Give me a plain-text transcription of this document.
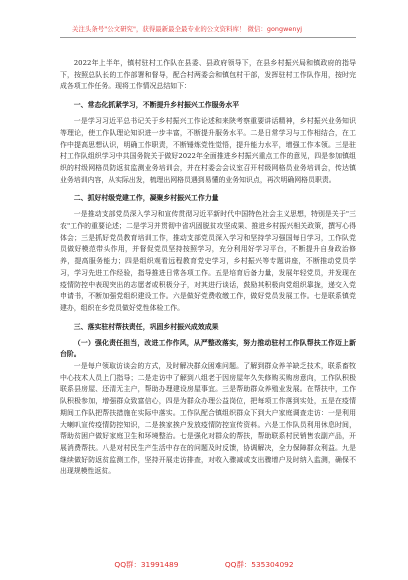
关注头条号"公文研究"，获得最新最全最专业的公文资料库！ 微信：gongwenyj

2022年上半年，镇村驻村工作队在县委、县政府领导下，在县乡村振兴局和镇政府的指导下，按照总队长的工作部署和督导，配合村两委会和镇包村干部，发挥驻村工作队作用，按时完成各项工作任务。现将工作情况总结如下：

一、常态化抓紧学习，不断提升乡村振兴工作服务水平

一是学习习近平总书记关于乡村振兴工作论述和来陕考察重要讲话精神，乡村振兴业务知识等理论，使工作队理论知识进一步丰富，不断提升服务水平。二是日常学习与工作相结合，在工作中提高思想认识，明确工作职责，不断锤炼党性觉悟，提升能力水平，增强工作本领。三是驻村工作队组织学习中共国务院关于做好2022年全面推进乡村振兴重点工作的意见，四是参加镇组织的村级网格员防返贫监测业务培训会，并在村委会会议室召开村级网格员业务培训会，传达镇业务培训内容，从实际出发，梳理出网格员遇到易懂的业务知识点，再次明确网格员职责。

二、抓好村级党建工作，凝聚乡村振兴工作力量

一是推动支部党员深入学习和宣传贯彻习近平新时代中国特色社会主义思想，特别是关于"三农"工作的重要论述；二是学习并贯彻中省巩固脱贫攻坚成果、推进乡村振兴相关政策，撰写心得体会；三是抓好党员教育培训工作，推动支部党员深入学习和坚持学习强国每日学习，工作队党员做好模范带头作用，并督促党员坚持按照学习，充分利用好学习平台，不断提升自身政治修养，提高服务能力；四是组织观看远程教育党史学习，乡村振兴等专题讲座，不断推动党员学习，学习先进工作经验，指导推进日常各项工作。五是培育后备力量，发展年轻党员，并发现在疫情防控中表现突出的志愿者或积极分子，对其进行谈话，鼓励其积极向党组织靠拢，递交入党申请书，不断加强党组织建设工作。六是做好党费收缴工作，做好党员发展工作。七是联系镇党建办，组织在乡党员做好党性体检工作。

三、落实驻村帮扶责任，巩固乡村振兴成效成果

（一）强化责任担当，改进工作作风，从严整改落实，努力推动驻村工作队帮扶工作迈上新台阶。

一是每户领取访谈会的方式，及时解决群众困难问题。了解到群众养羊缺乏技术，联系畜牧中心技术人员上门指导；二是走访中了解到八组老于因房屋年久失修购买购房意向，工作队积极联系县房屋、还清无主户，帮助办理建设房屋事宜。三是帮助群众养殖业发展。在帮扶中，工作队积极参加，增强群众致富信心，四是为群众办理公益岗位，把每项工作落到实处，五是在疫情期间工作队把帮扶措施在实际中落实。工作队配合镇组织群众下到大户家庭调查走访：一是利用大喇叭宣传疫情防控知识，二是挨家挨户发放疫情防控宣传资料。六是工作队员利用休息时间，帮助贫困户做好家庭卫生和环境整治。七是强化对群众的帮扶，帮助联系村民销售农副产品，开展消费帮扶。八是对村民生产生活中存在的问题及时反馈，协调解决，全力保障群众利益。九是继续做好防返贫监测工作，坚持开展走访排查，对收入骤减或支出骤增户及时纳入监测，确保不出现规模性返贫。

QQ群：31991489	QQ群：535304092
